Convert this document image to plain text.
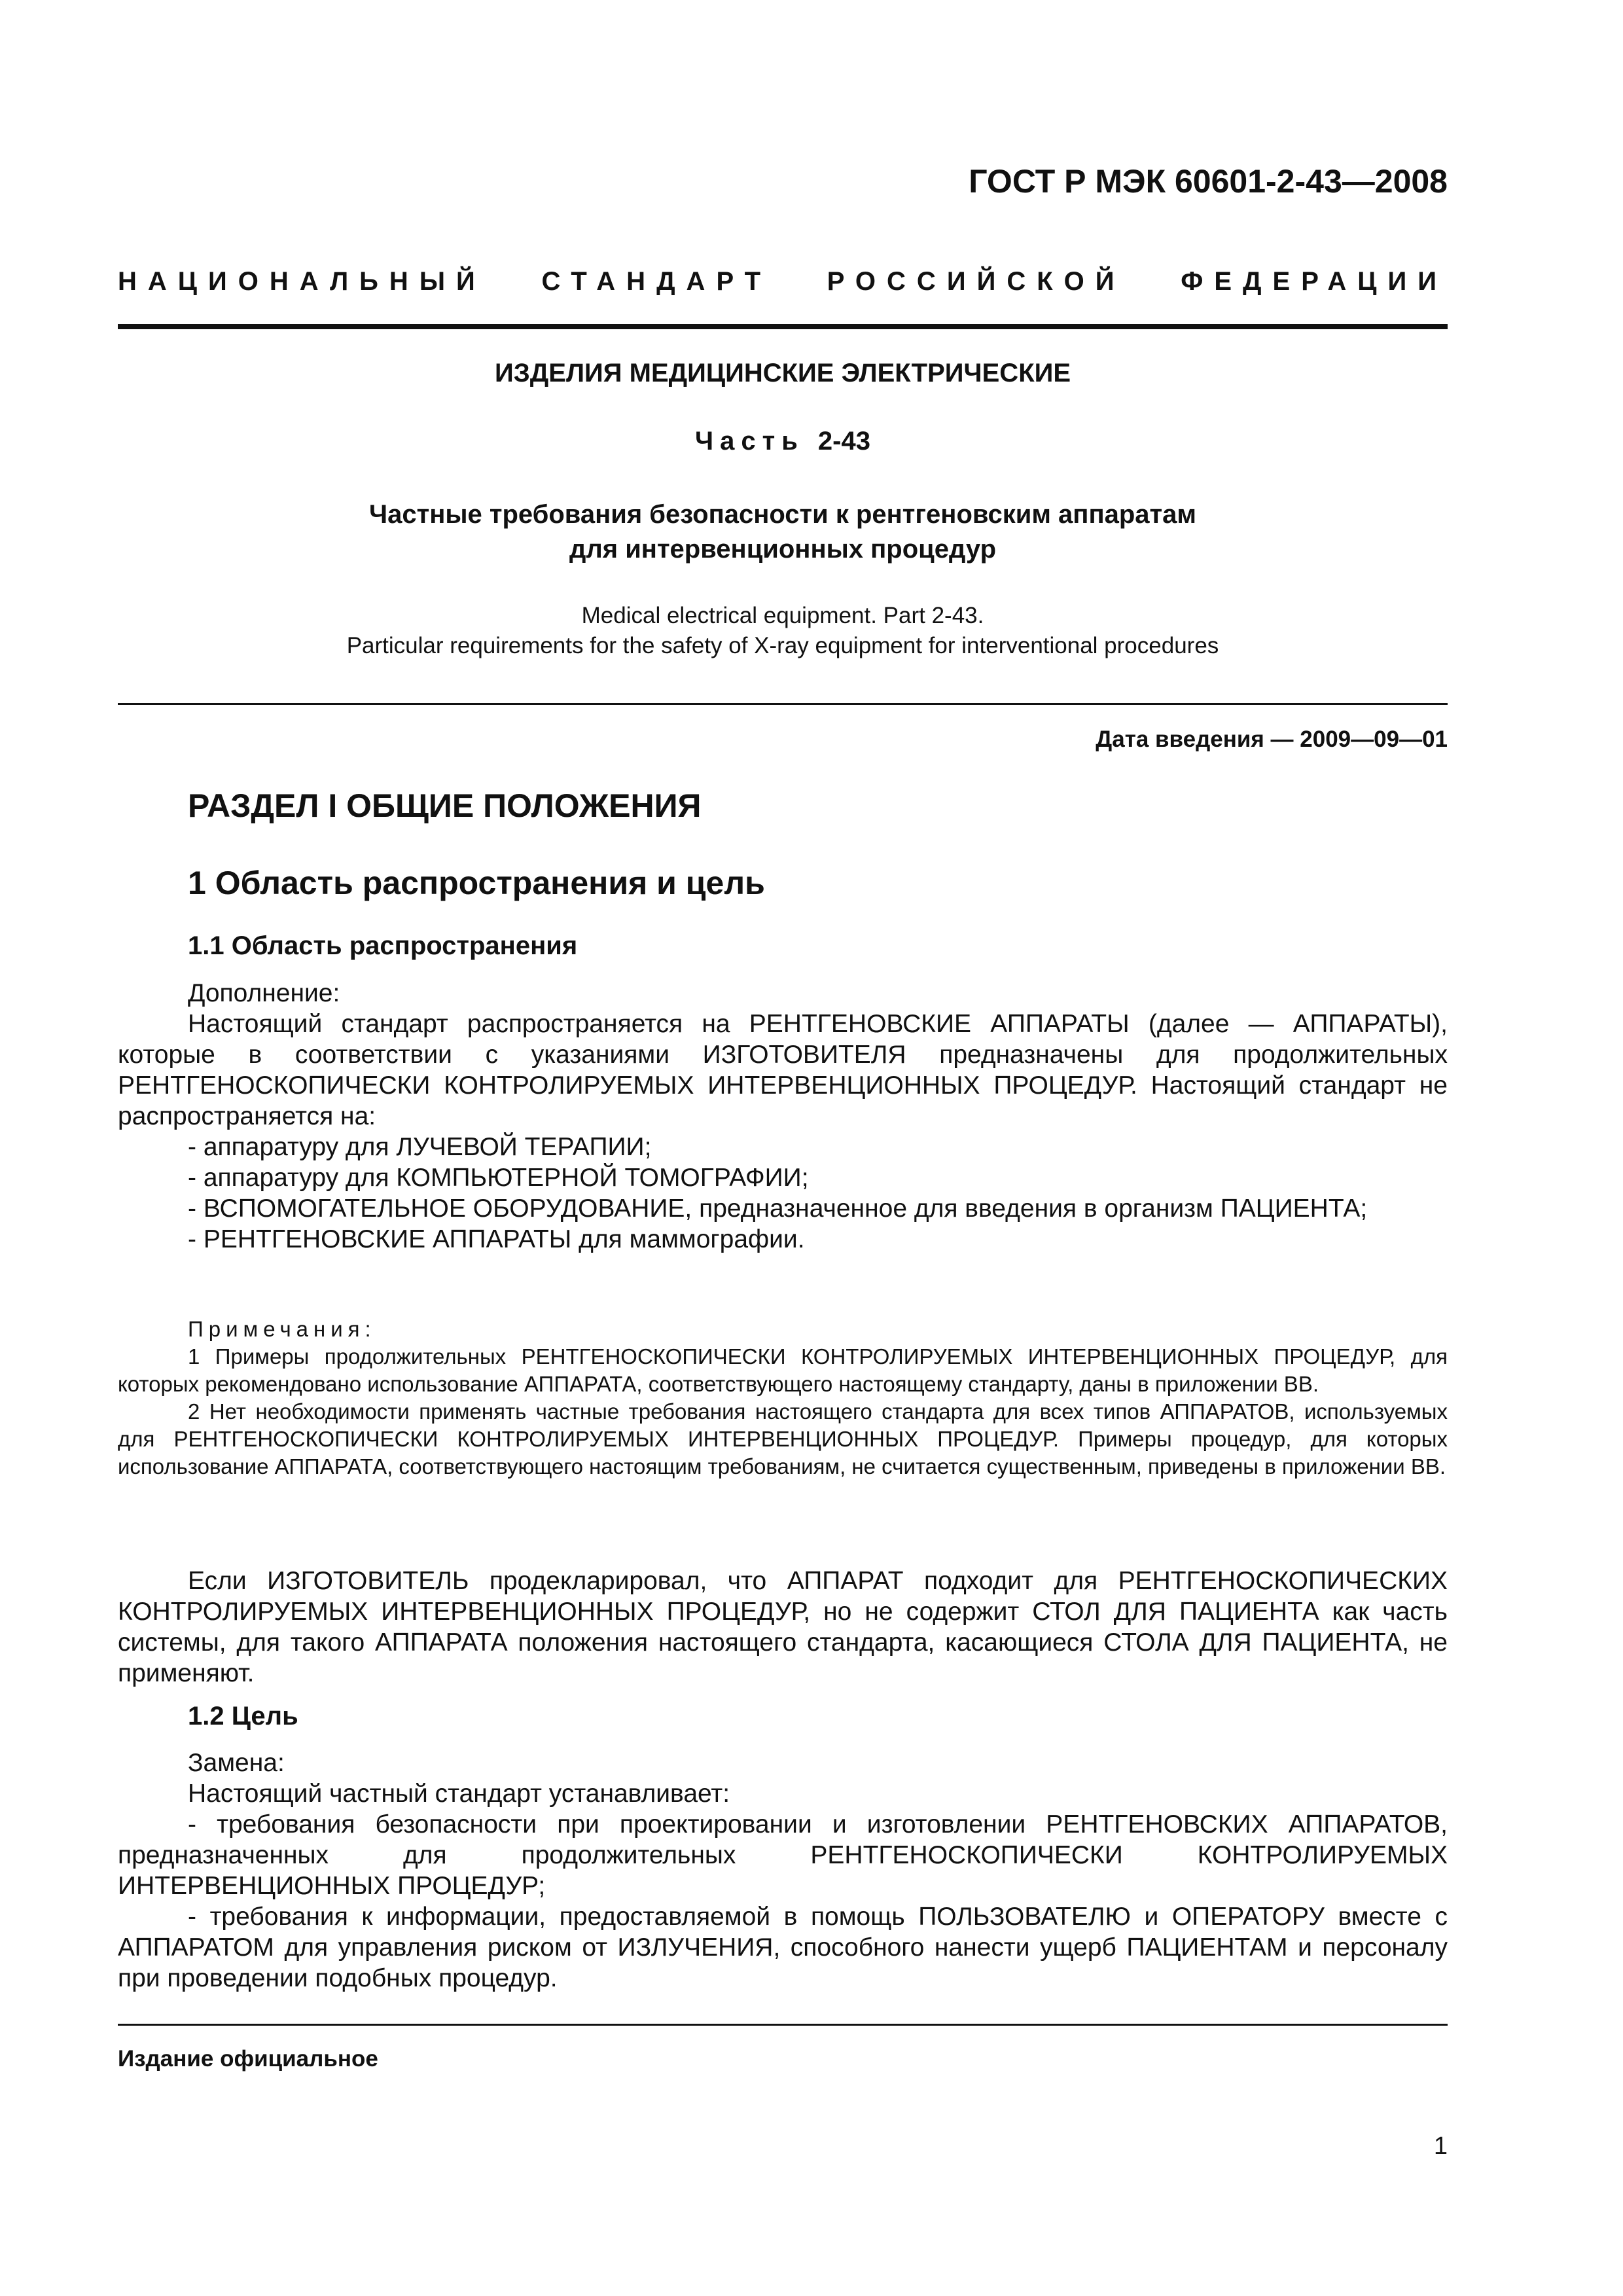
ГОСТ Р МЭК 60601-2-43—2008
НАЦИОНАЛЬНЫЙ СТАНДАРТ РОССИЙСКОЙ ФЕДЕРАЦИИ
ИЗДЕЛИЯ МЕДИЦИНСКИЕ ЭЛЕКТРИЧЕСКИЕ
Часть 2-43
Частные требования безопасности к рентгеновским аппаратам
для интервенционных процедур
Medical electrical equipment. Part 2-43.
Particular requirements for the safety of X-ray equipment for interventional procedures
Дата введения — 2009—09—01
РАЗДЕЛ I ОБЩИЕ ПОЛОЖЕНИЯ
1 Область распространения и цель
1.1 Область распространения

Дополнение:

Настоящий стандарт распространяется на РЕНТГЕНОВСКИЕ АППАРАТЫ (далее — АППАРАТЫ), которые в соответствии с указаниями ИЗГОТОВИТЕЛЯ предназначены для продолжительных РЕНТГЕНОСКОПИЧЕСКИ КОНТРОЛИРУЕМЫХ ИНТЕРВЕНЦИОННЫХ ПРОЦЕДУР. Настоящий стандарт не распространяется на:

- аппаратуру для ЛУЧЕВОЙ ТЕРАПИИ;

- аппаратуру для КОМПЬЮТЕРНОЙ ТОМОГРАФИИ;

- ВСПОМОГАТЕЛЬНОЕ ОБОРУДОВАНИЕ, предназначенное для введения в организм ПАЦИЕНТА;

- РЕНТГЕНОВСКИЕ АППАРАТЫ для маммографии.

Примечания:

1 Примеры продолжительных РЕНТГЕНОСКОПИЧЕСКИ КОНТРОЛИРУЕМЫХ ИНТЕРВЕНЦИОННЫХ ПРОЦЕДУР, для которых рекомендовано использование АППАРАТА, соответствующего настоящему стандарту, даны в приложении ВВ.

2 Нет необходимости применять частные требования настоящего стандарта для всех типов АППАРАТОВ, используемых для РЕНТГЕНОСКОПИЧЕСКИ КОНТРОЛИРУЕМЫХ ИНТЕРВЕНЦИОННЫХ ПРОЦЕДУР. Примеры процедур, для которых использование АППАРАТА, соответствующего настоящим требованиям, не считается существенным, приведены в приложении ВВ.

Если ИЗГОТОВИТЕЛЬ продекларировал, что АППАРАТ подходит для РЕНТГЕНОСКОПИЧЕСКИХ КОНТРОЛИРУЕМЫХ ИНТЕРВЕНЦИОННЫХ ПРОЦЕДУР, но не содержит СТОЛ ДЛЯ ПАЦИЕНТА как часть системы, для такого АППАРАТА положения настоящего стандарта, касающиеся СТОЛА ДЛЯ ПАЦИЕНТА, не применяют.

1.2 Цель

Замена:

Настоящий частный стандарт устанавливает:

- требования безопасности при проектировании и изготовлении РЕНТГЕНОВСКИХ АППАРАТОВ, предназначенных для продолжительных РЕНТГЕНОСКОПИЧЕСКИ КОНТРОЛИРУЕМЫХ ИНТЕРВЕНЦИОННЫХ ПРОЦЕДУР;

- требования к информации, предоставляемой в помощь ПОЛЬЗОВАТЕЛЮ и ОПЕРАТОРУ вместе с АППАРАТОМ для управления риском от ИЗЛУЧЕНИЯ, способного нанести ущерб ПАЦИЕНТАМ и персоналу при проведении подобных процедур.

Издание официальное
1
